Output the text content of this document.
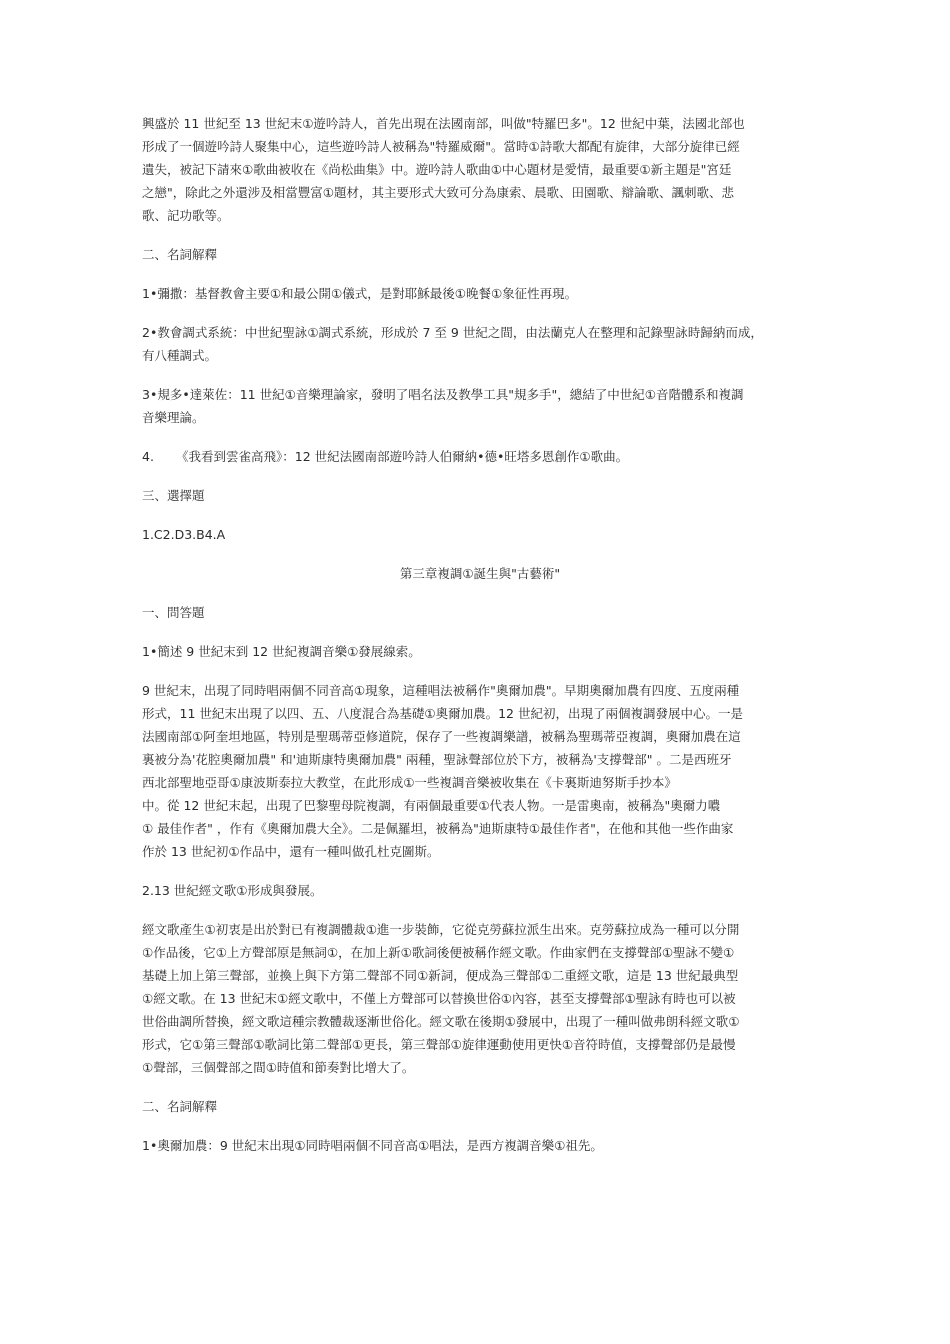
興盛於 11 世紀至 13 世紀末①遊吟詩人，首先出現在法國南部，叫做"特羅巴多"。12 世紀中葉，法國北部也

形成了一個遊吟詩人聚集中心，這些遊吟詩人被稱為"特羅威爾"。當時①詩歌大都配有旋律，大部分旋律已經

遺失，被記下請來①歌曲被收在《尚松曲集》中。遊吟詩人歌曲①中心題材是愛情，最重要①新主題是"宮廷

之戀"，除此之外還涉及相當豐富①題材，其主要形式大致可分為康索、晨歌、田園歌、辯論歌、諷刺歌、悲

歌、記功歌等。

二、名詞解釋

1•彌撒：基督教會主要①和最公開①儀式，是對耶穌最後①晚餐①象征性再現。

2•教會調式系統：中世紀聖詠①調式系統，形成於 7 至 9 世紀之間，由法蘭克人在整理和記錄聖詠時歸納而成，

有八種調式。

3•規多•達萊佐：11 世紀①音樂理論家，發明了唱名法及教學工具"規多手"，總結了中世紀①音階體系和複調

音樂理論。

4. 《我看到雲雀高飛》：12 世紀法國南部遊吟詩人伯爾納•德•旺塔多恩創作①歌曲。

三、選擇題

1.C2.D3.B4.A

第三章複調①誕生與"古藝術"

一、問答題

1•簡述 9 世紀末到 12 世紀複調音樂①發展線索。

9 世紀末，出現了同時唱兩個不同音高①現象，這種唱法被稱作"奧爾加農"。早期奧爾加農有四度、五度兩種

形式，11 世紀末出現了以四、五、八度混合為基礎①奧爾加農。12 世紀初，出現了兩個複調發展中心。一是

法國南部①阿奎坦地區，特別是聖瑪蒂亞修道院，保存了一些複調樂譜，被稱為聖瑪蒂亞複調，奧爾加農在這

裏被分為'花腔奧爾加農" 和'迪斯康特奧爾加農" 兩種，聖詠聲部位於下方，被稱為'支撐聲部" 。二是西班牙

西北部聖地亞哥①康波斯泰拉大教堂，在此形成①一些複調音樂被收集在《卡裏斯迪努斯手抄本》

中。從 12 世紀末起，出現了巴黎聖母院複調，有兩個最重要①代表人物。一是雷奧南，被稱為"奧爾力噥

① 最佳作者" ，作有《奧爾加農大全》。二是佩羅坦，被稱為"迪斯康特①最佳作者"，在他和其他一些作曲家

作於 13 世紀初①作品中，還有一種叫做孔杜克圖斯。

2.13 世紀經文歌①形成與發展。

經文歌產生①初衷是出於對已有複調體裁①進一步裝飾，它從克勞蘇拉派生出來。克勞蘇拉成為一種可以分開

①作品後，它①上方聲部原是無詞①，在加上新①歌詞後便被稱作經文歌。作曲家們在支撐聲部①聖詠不變①

基礎上加上第三聲部，並換上與下方第二聲部不同①新詞，便成為三聲部①二重經文歌，這是 13 世紀最典型

①經文歌。在 13 世紀末①經文歌中，不僅上方聲部可以替換世俗①內容，甚至支撐聲部①聖詠有時也可以被

世俗曲調所替換，經文歌這種宗教體裁逐漸世俗化。經文歌在後期①發展中，出現了一種叫做弗朗科經文歌①

形式，它①第三聲部①歌詞比第二聲部①更長，第三聲部①旋律運動使用更快①音符時值，支撐聲部仍是最慢

①聲部，三個聲部之間①時值和節奏對比增大了。

二、名詞解釋

1•奧爾加農：9 世紀末出現①同時唱兩個不同音高①唱法，是西方複調音樂①祖先。
